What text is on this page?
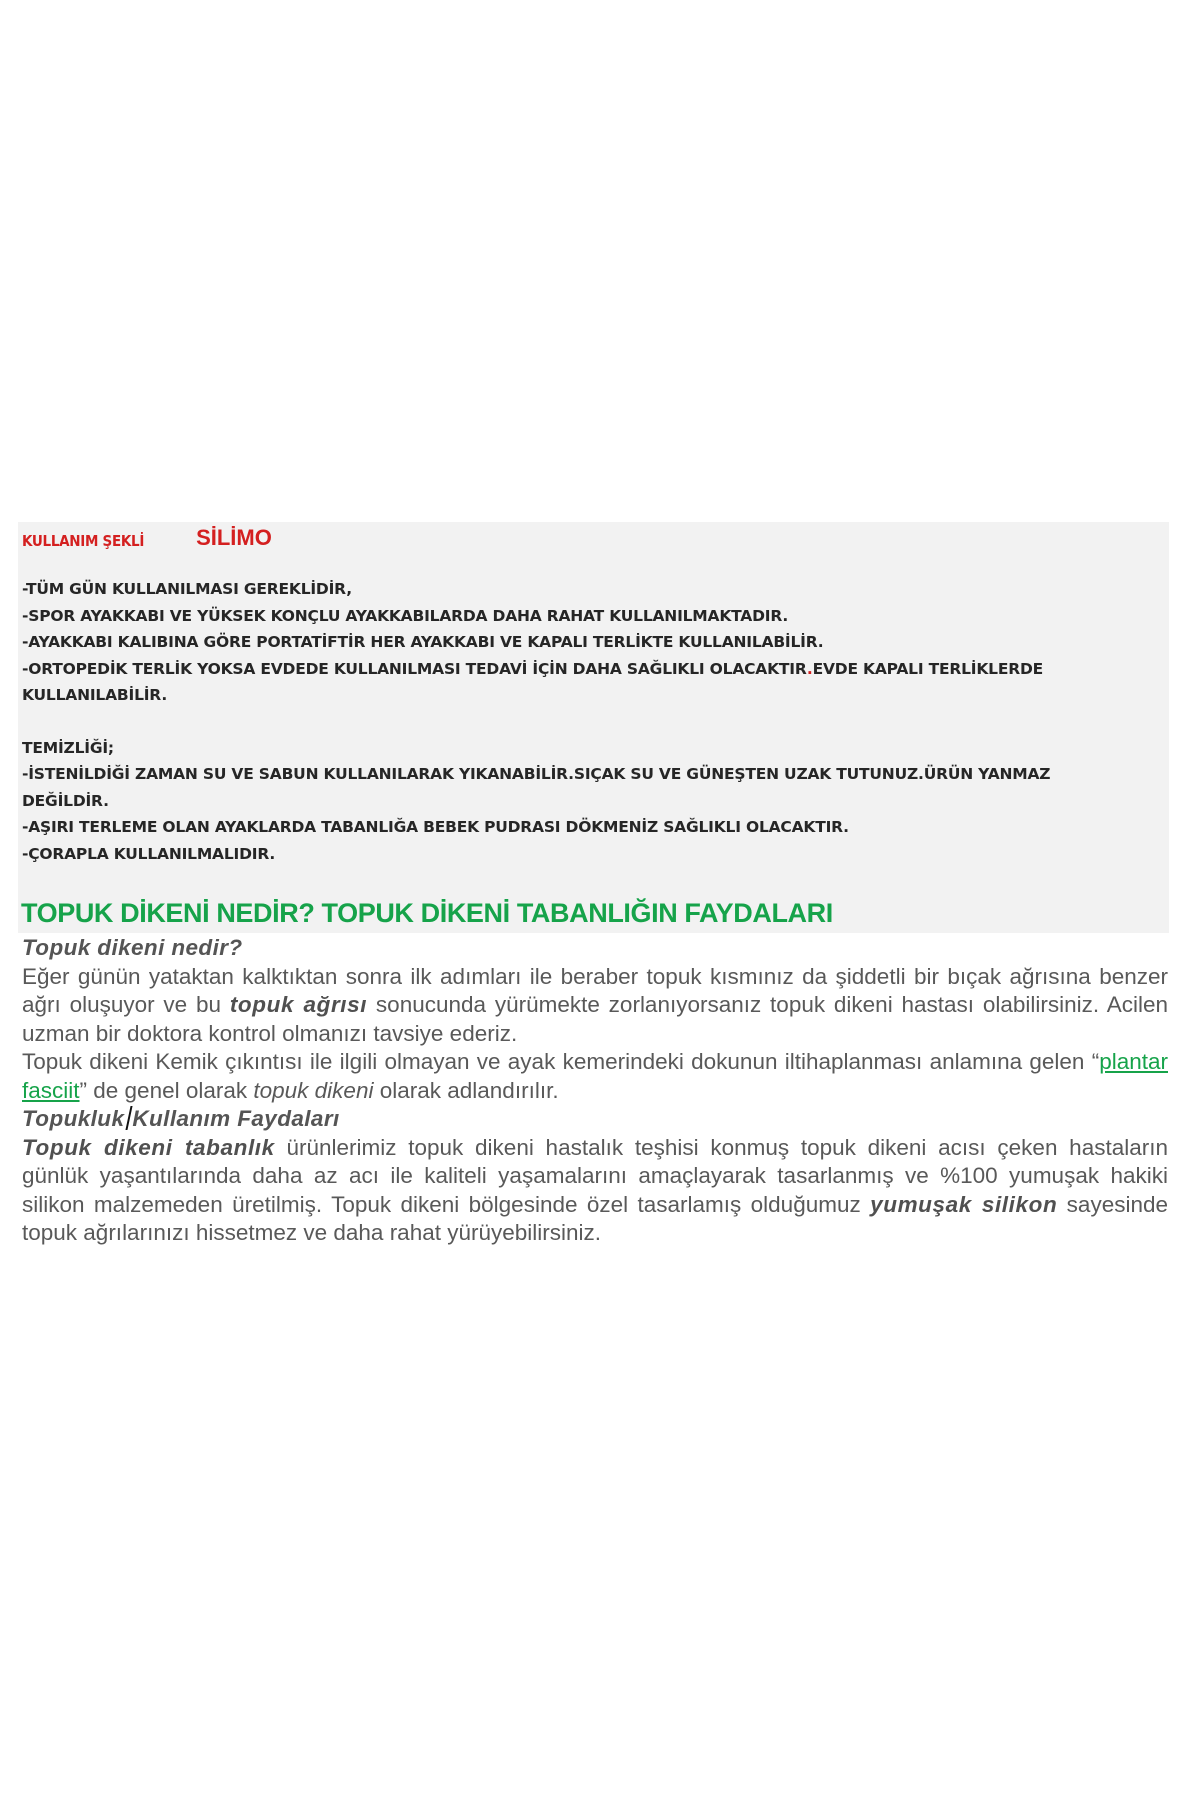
KULLANIM ŞEKLİ SİLİMO
-TÜM GÜN KULLANILMASI GEREKLİDİR,
-SPOR AYAKKABI VE YÜKSEK KONÇLU AYAKKABILARDA DAHA RAHAT KULLANILMAKTADIR.
-AYAKKABI KALIBINA GÖRE PORTATİFTİR HER AYAKKABI VE KAPALI TERLİKTE KULLANILABİLİR.
-ORTOPEDİK TERLİK YOKSA EVDEDE KULLANILMASI TEDAVİ İÇİN DAHA SAĞLIKLI OLACAKTIR.EVDE KAPALI TERLİKLERDE
KULLANILABİLİR.
TEMİZLİĞİ;
-İSTENİLDİĞİ ZAMAN SU VE SABUN KULLANILARAK YIKANABİLİR.SIÇAK SU VE GÜNEŞTEN UZAK TUTUNUZ.ÜRÜN YANMAZ
DEĞİLDİR.
-AŞIRI TERLEME OLAN AYAKLARDA TABANLIĞA BEBEK PUDRASI DÖKMENİZ SAĞLIKLI OLACAKTIR.
-ÇORAPLA KULLANILMALIDIR.
TOPUK DİKENİ NEDİR? TOPUK DİKENİ TABANLIĞIN FAYDALARI
Topuk dikeni nedir?

Eğer günün yataktan kalktıktan sonra ilk adımları ile beraber topuk kısmınız da şiddetli bir bıçak ağrısına benzer ağrı oluşuyor ve bu topuk ağrısı sonucunda yürümekte zorlanıyorsanız topuk dikeni hastası olabilirsiniz. Acilen uzman bir doktora kontrol olmanızı tavsiye ederiz.

Topuk dikeni Kemik çıkıntısı ile ilgili olmayan ve ayak kemerindeki dokunun iltihaplanması anlamına gelen “plantar fasciit” de genel olarak topuk dikeni olarak adlandırılır.

Topukluk Kullanım Faydaları

Topuk dikeni tabanlık ürünlerimiz topuk dikeni hastalık teşhisi konmuş topuk dikeni acısı çeken hastaların günlük yaşantılarında daha az acı ile kaliteli yaşamalarını amaçlayarak tasarlanmış ve %100 yumuşak hakiki silikon malzemeden üretilmiş. Topuk dikeni bölgesinde özel tasarlamış olduğumuz yumuşak silikon sayesinde topuk ağrılarınızı hissetmez ve daha rahat yürüyebilirsiniz.
